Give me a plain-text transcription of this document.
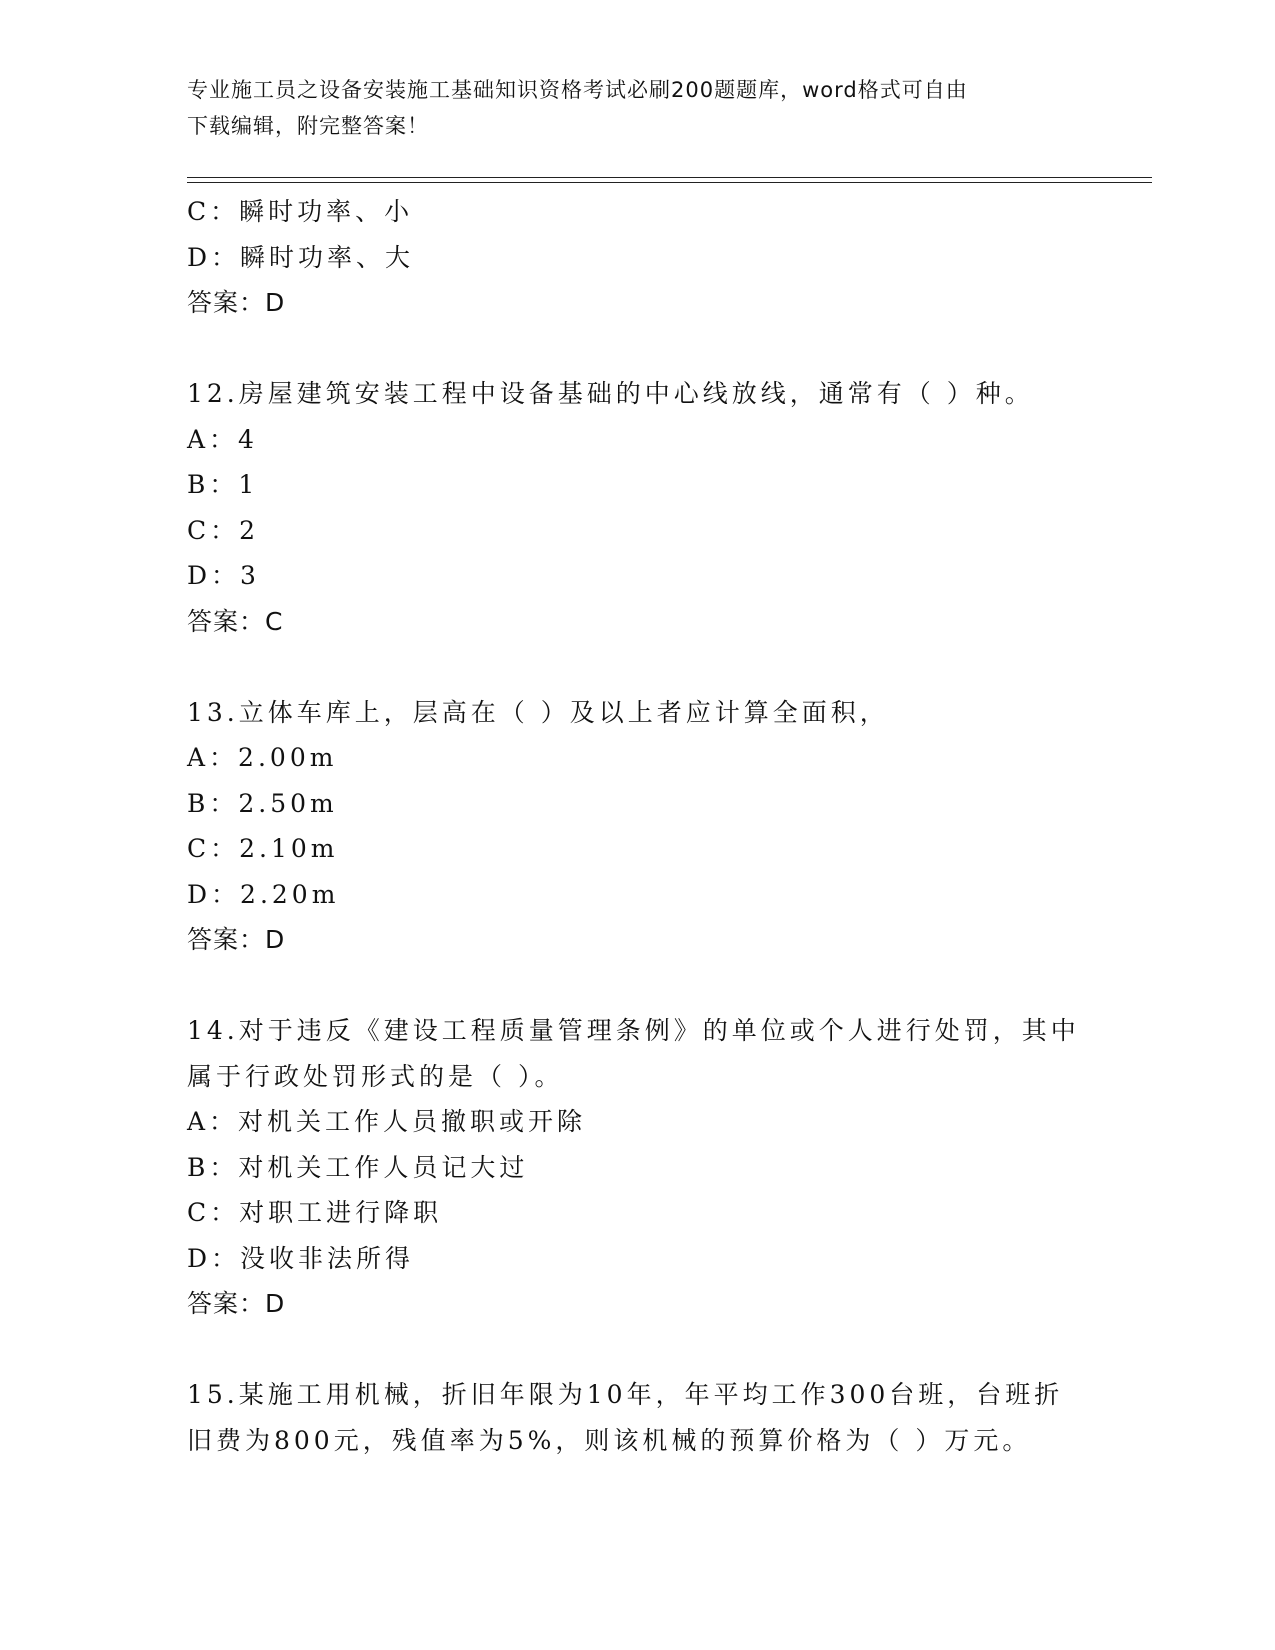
专业施工员之设备安装施工基础知识资格考试必刷200题题库，word格式可自由
下载编辑，附完整答案！
C：瞬时功率、小
D：瞬时功率、大
答案：D
12.房屋建筑安装工程中设备基础的中心线放线，通常有（ ）种。
A：4
B：1
C：2
D：3
答案：C
13.立体车库上，层高在（ ）及以上者应计算全面积，
A：2.00m
B：2.50m
C：2.10m
D：2.20m
答案：D
14.对于违反《建设工程质量管理条例》的单位或个人进行处罚，其中
属于行政处罚形式的是（ ）。
A：对机关工作人员撤职或开除
B：对机关工作人员记大过
C：对职工进行降职
D：没收非法所得
答案：D
15.某施工用机械，折旧年限为10年，年平均工作300台班，台班折
旧费为800元，残值率为5%，则该机械的预算价格为（ ）万元。
